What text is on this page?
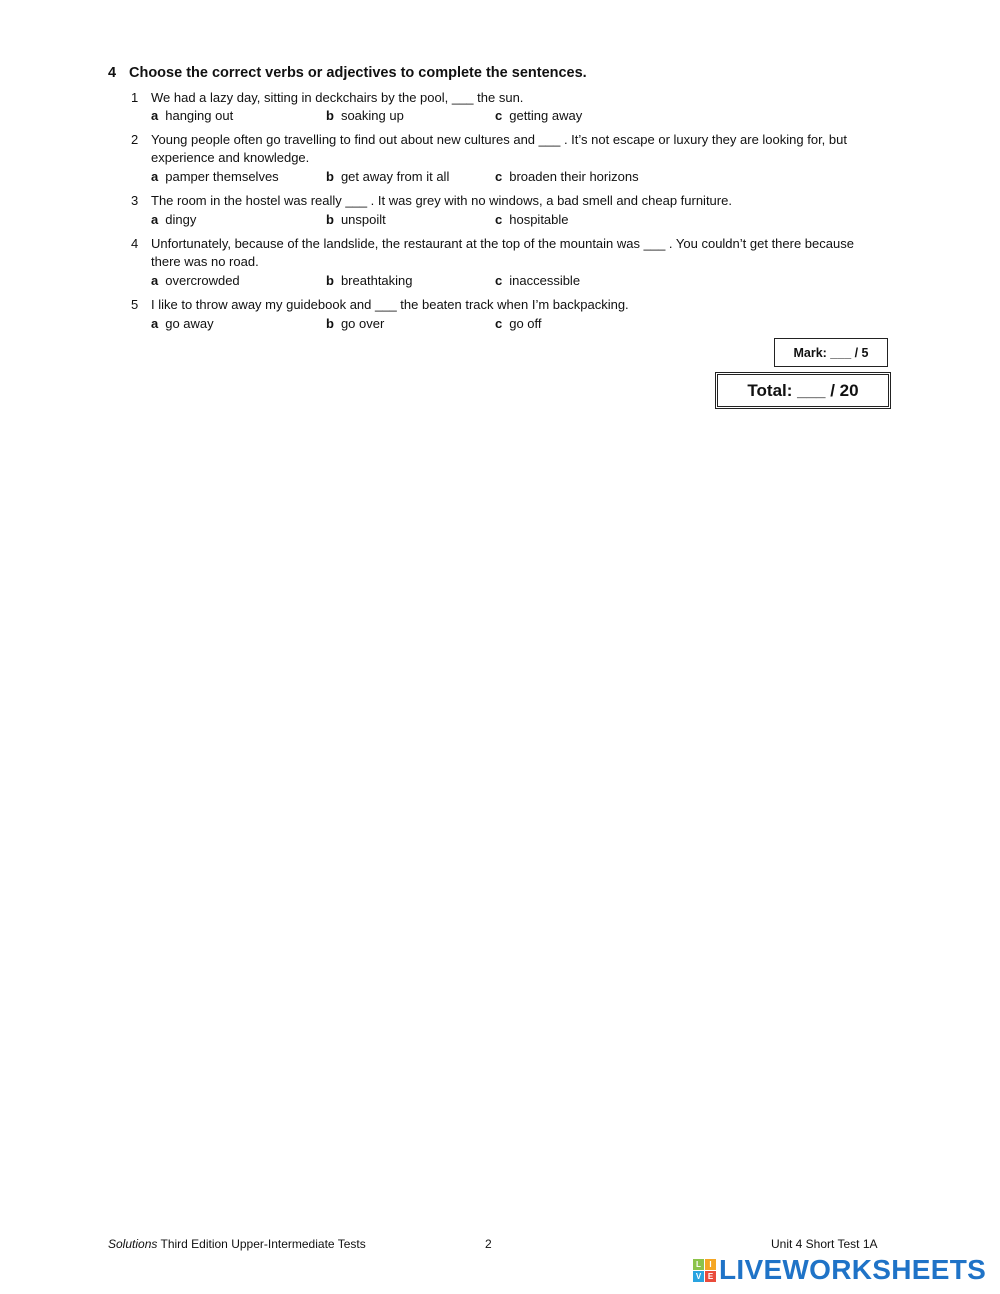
4 Choose the correct verbs or adjectives to complete the sentences.
1 We had a lazy day, sitting in deckchairs by the pool, ___ the sun.
a hanging out	b soaking up	c getting away
2 Young people often go travelling to find out about new cultures and ___ . It’s not escape or luxury they are looking for, but experience and knowledge.
a pamper themselves	b get away from it all	c broaden their horizons
3 The room in the hostel was really ___ . It was grey with no windows, a bad smell and cheap furniture.
a dingy	b unspoilt	c hospitable
4 Unfortunately, because of the landslide, the restaurant at the top of the mountain was ___ . You couldn’t get there because there was no road.
a overcrowded	b breathtaking	c inaccessible
5 I like to throw away my guidebook and ___ the beaten track when I’m backpacking.
a go away	b go over	c go off
Mark: ___ / 5
Total: ___ / 20
Solutions Third Edition Upper-Intermediate Tests	2	Unit 4 Short Test 1A
L	I
V E LIVEWORKSHEETS
